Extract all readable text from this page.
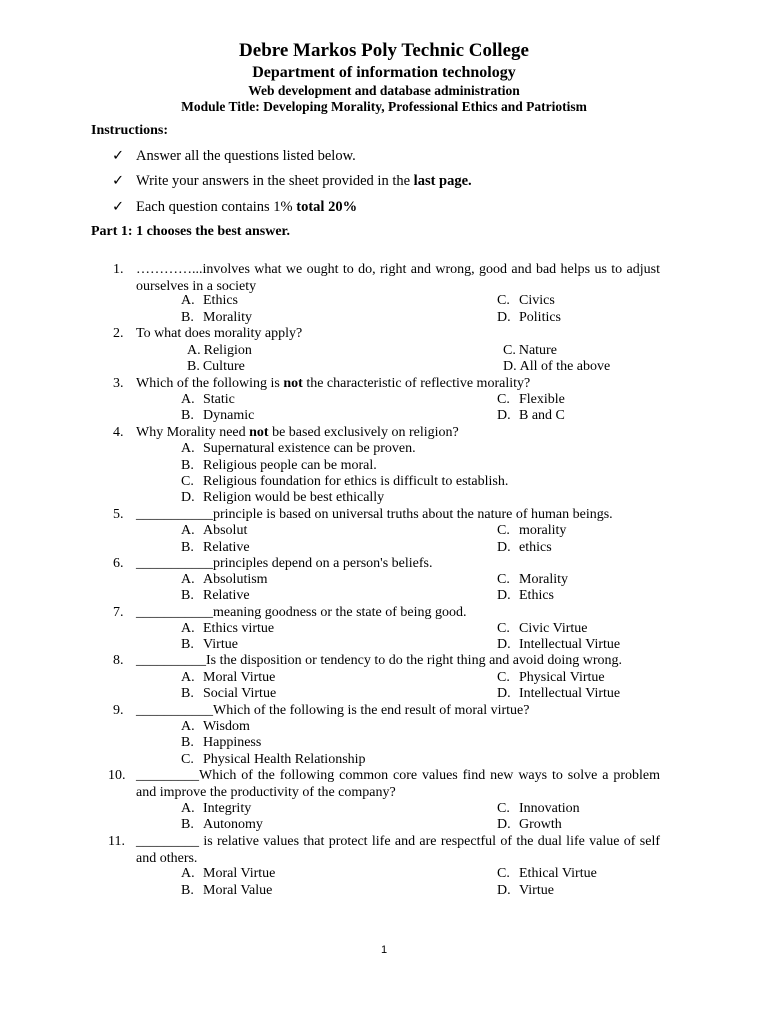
Debre Markos Poly Technic College
Department of information technology
Web development and database administration
Module Title: Developing Morality, Professional Ethics and Patriotism
Instructions:
✓ Answer all the questions listed below.
✓ Write your answers in the sheet provided in the last page.
✓ Each question contains 1% total 20%
Part 1: 1 chooses the best answer.
1. …………...involves what we ought to do, right and wrong, good and bad helps us to adjust ourselves in a society
A. Ethics	C. Civics
B. Morality	D. Politics
2. To what does morality apply?
A. Religion	C. Nature
B. Culture	D. All of the above
3. Which of the following is not the characteristic of reflective morality?
A. Static	C. Flexible
B. Dynamic	D. B and C
4. Why Morality need not be based exclusively on religion?
A. Supernatural existence can be proven.
B. Religious people can be moral.
C. Religious foundation for ethics is difficult to establish.
D. Religion would be best ethically
5. ___________principle is based on universal truths about the nature of human beings.
A. Absolut	C. morality
B. Relative	D. ethics
6. ___________principles depend on a person's beliefs.
A. Absolutism	C. Morality
B. Relative	D. Ethics
7. ___________meaning goodness or the state of being good.
A. Ethics virtue	C. Civic Virtue
B. Virtue	D. Intellectual Virtue
8. __________Is the disposition or tendency to do the right thing and avoid doing wrong.
A. Moral Virtue	C. Physical Virtue
B. Social Virtue	D. Intellectual Virtue
9. ___________Which of the following is the end result of moral virtue?
A. Wisdom
B. Happiness
C. Physical Health Relationship
10. _________Which of the following common core values find new ways to solve a problem and improve the productivity of the company?
A. Integrity	C. Innovation
B. Autonomy	D. Growth
11. _________ is relative values that protect life and are respectful of the dual life value of self and others.
A. Moral Virtue	C. Ethical Virtue
B. Moral Value	D. Virtue
1
